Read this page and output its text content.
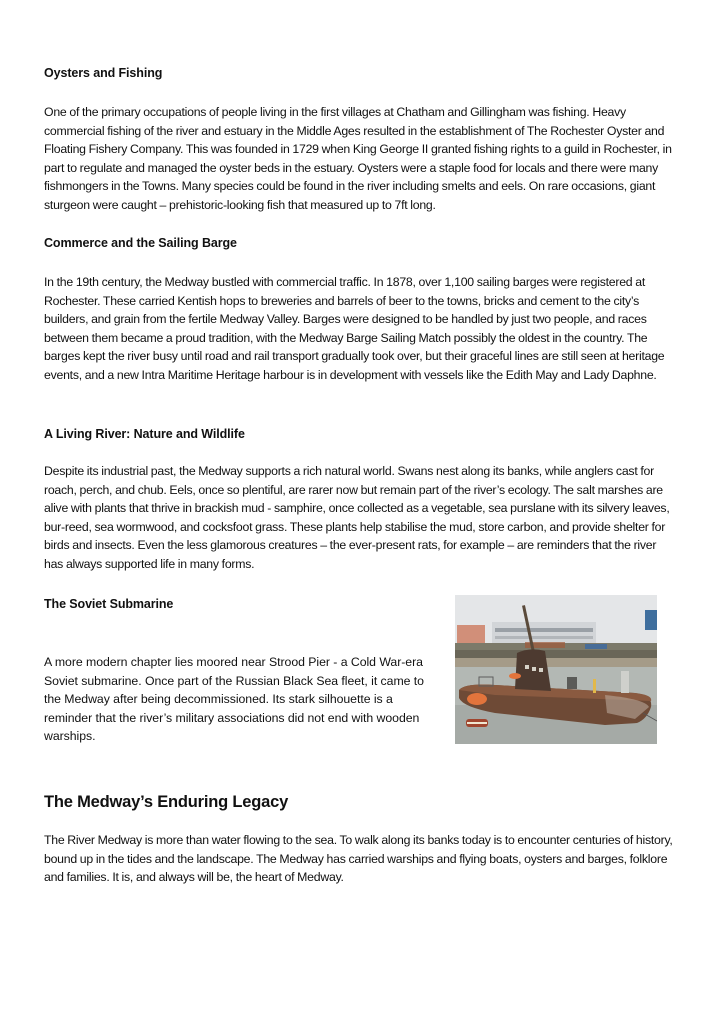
Oysters and Fishing

One of the primary occupations of people living in the first villages at Chatham and Gillingham was fishing. Heavy commercial fishing of the river and estuary in the Middle Ages resulted in the establishment of The Rochester Oyster and Floating Fishery Company. This was founded in 1729 when King George II granted fishing rights to a guild in Rochester, in part to regulate and managed the oyster beds in the estuary. Oysters were a staple food for locals and there were many fishmongers in the Towns. Many species could be found in the river including smelts and eels. On rare occasions, giant sturgeon were caught – prehistoric-looking fish that measured up to 7ft long.

Commerce and the Sailing Barge

In the 19th century, the Medway bustled with commercial traffic. In 1878, over 1,100 sailing barges were registered at Rochester. These carried Kentish hops to breweries and barrels of beer to the towns, bricks and cement to the city’s builders, and grain from the fertile Medway Valley. Barges were designed to be handled by just two people, and races between them became a proud tradition, with the Medway Barge Sailing Match possibly the oldest in the country. The barges kept the river busy until road and rail transport gradually took over, but their graceful lines are still seen at heritage events, and a new Intra Maritime Heritage harbour is in development with vessels like the Edith May and Lady Daphne.

A Living River: Nature and Wildlife

Despite its industrial past, the Medway supports a rich natural world. Swans nest along its banks, while anglers cast for roach, perch, and chub. Eels, once so plentiful, are rarer now but remain part of the river’s ecology. The salt marshes are alive with plants that thrive in brackish mud - samphire, once collected as a vegetable, sea purslane with its silvery leaves, bur-reed, sea wormwood, and cocksfoot grass. These plants help stabilise the mud, store carbon, and provide shelter for birds and insects. Even the less glamorous creatures – the ever-present rats, for example – are reminders that the river has always supported life in many forms.

The Soviet Submarine

A more modern chapter lies moored near Strood Pier - a Cold War-era Soviet submarine. Once part of the Russian Black Sea fleet, it came to the Medway after being decommissioned. Its stark silhouette is a reminder that the river’s military associations did not end with wooden warships.

The Medway’s Enduring Legacy

The River Medway is more than water flowing to the sea. To walk along its banks today is to encounter centuries of history, bound up in the tides and the landscape. The Medway has carried warships and flying boats, oysters and barges, folklore and families. It is, and always will be, the heart of Medway.
